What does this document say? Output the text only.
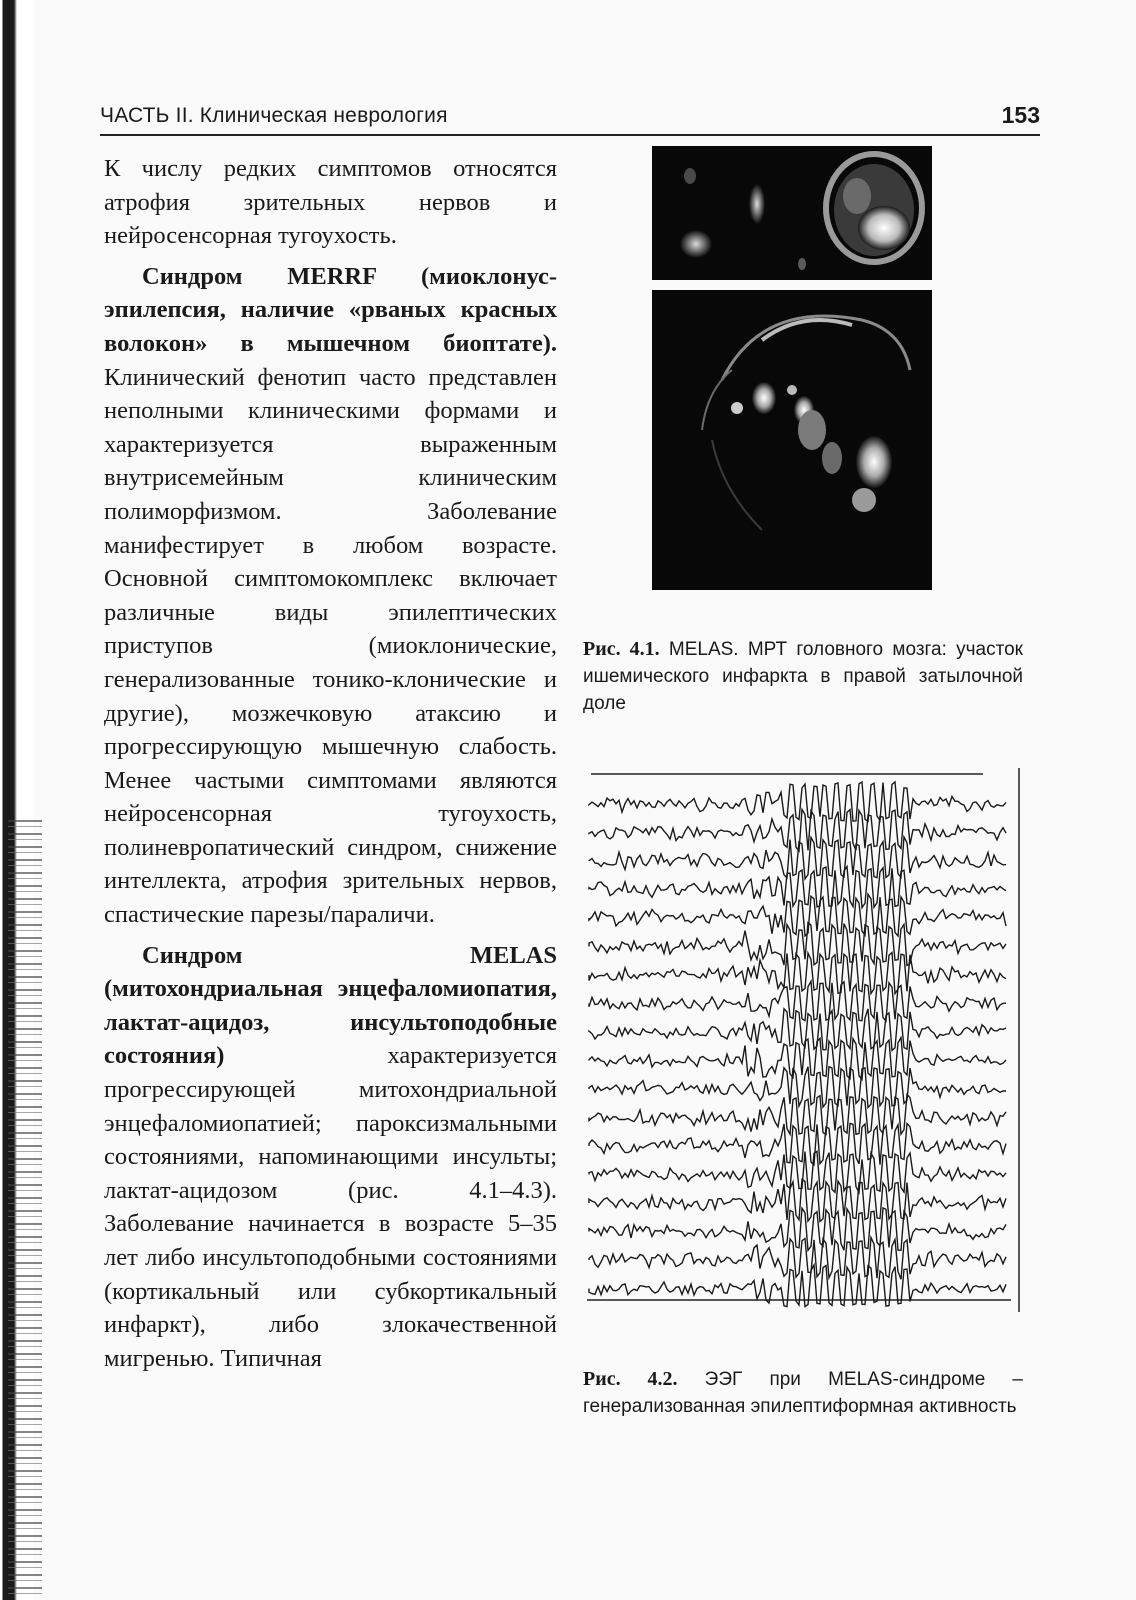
ЧАСТЬ II. Клиническая неврология	153

К числу редких симптомов относятся атрофия зрительных нервов и нейросенсорная тугоухость.

Синдром MERRF (миоклонус-эпилепсия, наличие «рваных красных волокон» в мышечном биоптате). Клинический фенотип часто представлен неполными клиническими формами и характеризуется выраженным внутрисемейным клиническим полиморфизмом. Заболевание манифестирует в любом возрасте. Основной симптомокомплекс включает различные виды эпилептических приступов (миоклонические, генерализованные тонико-клонические и другие), мозжечковую атаксию и прогрессирующую мышечную слабость. Менее частыми симптомами являются нейросенсорная тугоухость, полиневропатический синдром, снижение интеллекта, атрофия зрительных нервов, спастические парезы/параличи.

Синдром MELAS (митохондриальная энцефаломиопатия, лактат-ацидоз, инсультоподобные состояния) характеризуется прогрессирующей митохондриальной энцефаломиопатией; пароксизмальными состояниями, напоминающими инсульты; лактат-ацидозом (рис. 4.1–4.3). Заболевание начинается в возрасте 5–35 лет либо инсультоподобными состояниями (кортикальный или субкортикальный инфаркт), либо злокачественной мигренью. Типичная

Рис. 4.1. MELAS. МРТ головного мозга: участок ишемического инфаркта в правой затылочной доле
Рис. 4.2. ЭЭГ при MELAS-синдроме – генерализованная эпилептиформная активность
